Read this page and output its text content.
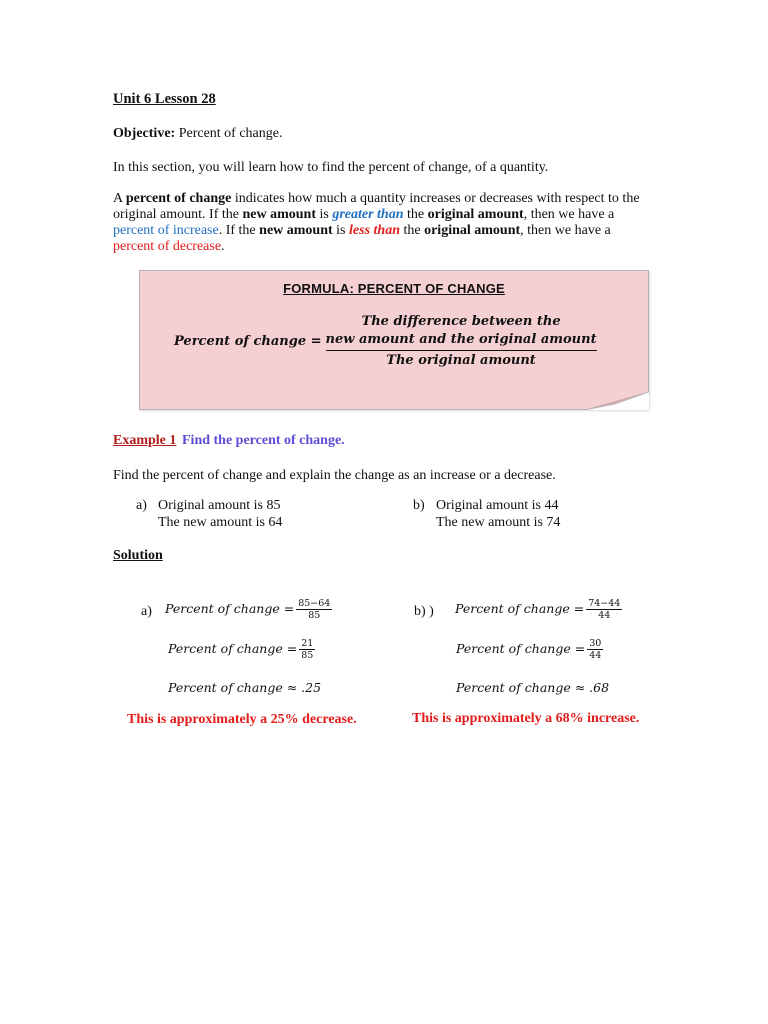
Unit 6 Lesson 28
Objective: Percent of change.
In this section, you will learn how to find the percent of change, of a quantity.
A percent of change indicates how much a quantity increases or decreases with respect to the
original amount. If the new amount is greater than the original amount, then we have a
percent of increase. If the new amount is less than the original amount, then we have a
percent of decrease.
FORMULA: PERCENT OF CHANGE
Percent of change =
The difference between the
new amount and the original amount
The original amount
Example 1 Find the percent of change.
Find the percent of change and explain the change as an increase or a decrease.
a) Original amount is 85
The new amount is 64
b) Original amount is 44
The new amount is 74
Solution
a) Percent of change = $\frac{85-64}{85}$
Percent of change = $\frac{21}{85}$
Percent of change ≈ .25
This is approximately a 25% decrease.
b) ) Percent of change = $\frac{74-44}{44}$
Percent of change = $\frac{30}{44}$
Percent of change ≈ .68
This is approximately a 68% increase.
